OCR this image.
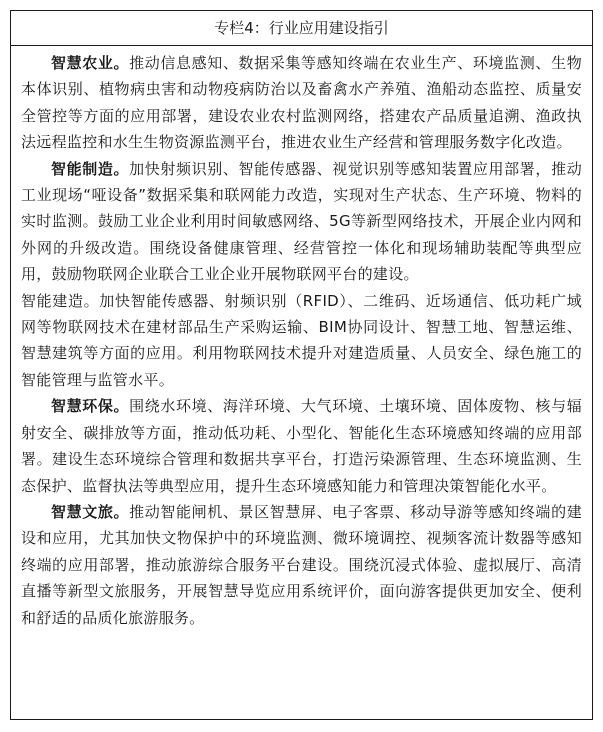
专栏4：行业应用建设指引

智慧农业。推动信息感知、数据采集等感知终端在农业生产、环境监测、生物本体识别、植物病虫害和动物疫病防治以及畜禽水产养殖、渔船动态监控、质量安全管控等方面的应用部署，建设农业农村监测网络，搭建农产品质量追溯、渔政执法远程监控和水生生物资源监测平台，推进农业生产经营和管理服务数字化改造。

智能制造。加快射频识别、智能传感器、视觉识别等感知装置应用部署，推动工业现场“哑设备”数据采集和联网能力改造，实现对生产状态、生产环境、物料的实时监测。鼓励工业企业利用时间敏感网络、5G等新型网络技术，开展企业内网和外网的升级改造。围绕设备健康管理、经营管控一体化和现场辅助装配等典型应用，鼓励物联网企业联合工业企业开展物联网平台的建设。

智能建造。加快智能传感器、射频识别（RFID）、二维码、近场通信、低功耗广域网等物联网技术在建材部品生产采购运输、BIM协同设计、智慧工地、智慧运维、智慧建筑等方面的应用。利用物联网技术提升对建造质量、人员安全、绿色施工的智能管理与监管水平。

智慧环保。围绕水环境、海洋环境、大气环境、土壤环境、固体废物、核与辐射安全、碳排放等方面，推动低功耗、小型化、智能化生态环境感知终端的应用部署。建设生态环境综合管理和数据共享平台，打造污染源管理、生态环境监测、生态保护、监督执法等典型应用，提升生态环境感知能力和管理决策智能化水平。

智慧文旅。推动智能闸机、景区智慧屏、电子客票、移动导游等感知终端的建设和应用，尤其加快文物保护中的环境监测、微环境调控、视频客流计数器等感知终端的应用部署，推动旅游综合服务平台建设。围绕沉浸式体验、虚拟展厅、高清直播等新型文旅服务，开展智慧导览应用系统评价，面向游客提供更加安全、便利和舒适的品质化旅游服务。
